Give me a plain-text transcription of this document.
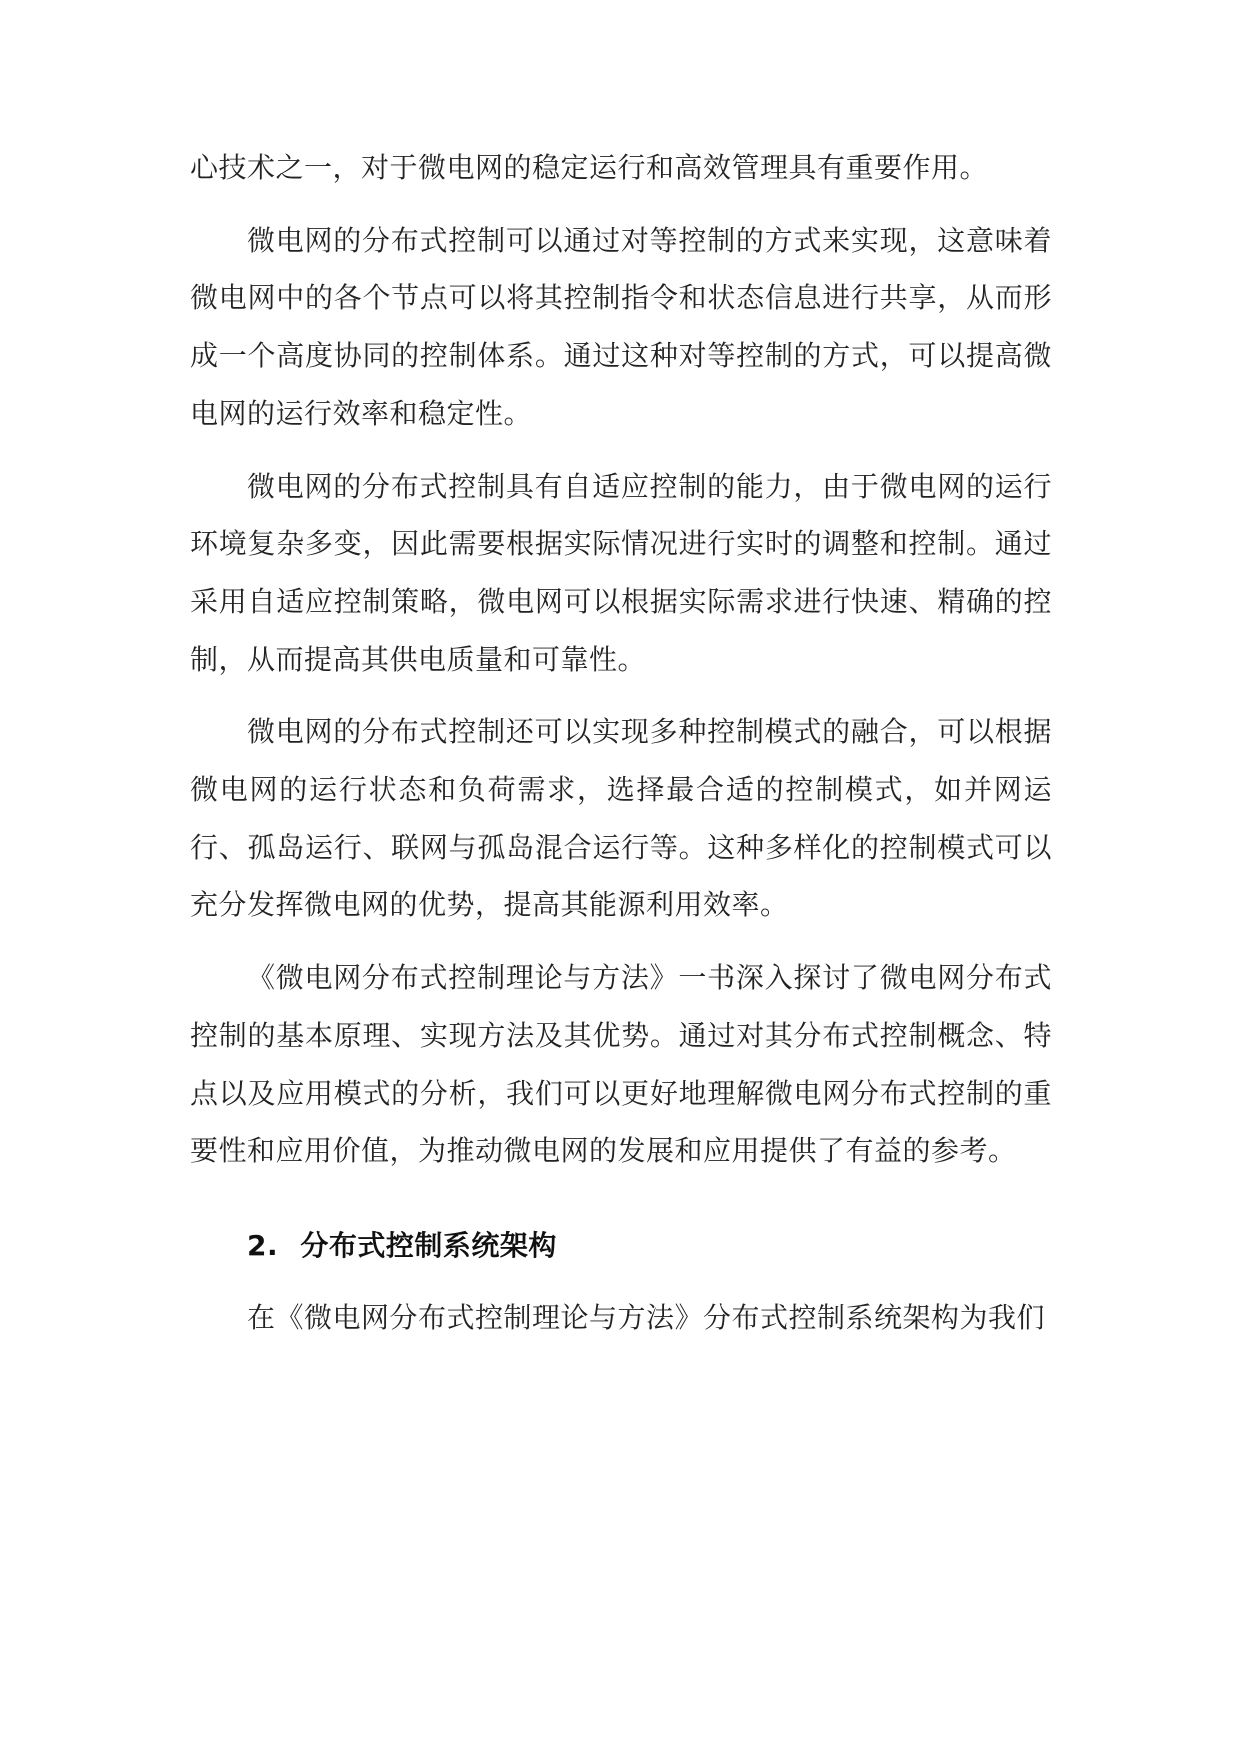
心技术之一，对于微电网的稳定运行和高效管理具有重要作用。

微电网的分布式控制可以通过对等控制的方式来实现，这意味着微电网中的各个节点可以将其控制指令和状态信息进行共享，从而形成一个高度协同的控制体系。通过这种对等控制的方式，可以提高微电网的运行效率和稳定性。

微电网的分布式控制具有自适应控制的能力，由于微电网的运行环境复杂多变，因此需要根据实际情况进行实时的调整和控制。通过采用自适应控制策略，微电网可以根据实际需求进行快速、精确的控制，从而提高其供电质量和可靠性。

微电网的分布式控制还可以实现多种控制模式的融合，可以根据微电网的运行状态和负荷需求，选择最合适的控制模式，如并网运行、孤岛运行、联网与孤岛混合运行等。这种多样化的控制模式可以充分发挥微电网的优势，提高其能源利用效率。

《微电网分布式控制理论与方法》一书深入探讨了微电网分布式控制的基本原理、实现方法及其优势。通过对其分布式控制概念、特点以及应用模式的分析，我们可以更好地理解微电网分布式控制的重要性和应用价值，为推动微电网的发展和应用提供了有益的参考。

2. 分布式控制系统架构

在《微电网分布式控制理论与方法》分布式控制系统架构为我们
